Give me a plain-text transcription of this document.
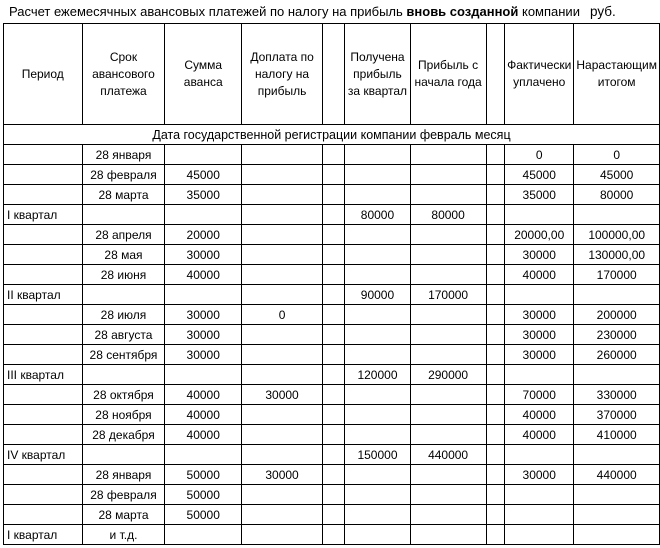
Расчет ежемесячных авансовых платежей по налогу на прибыль вновь созданной компании руб.
Период	Срок авансового платежа	Сумма аванса	Доплата по налогу на прибыль		Получена прибыль за квартал	Прибыль с начала года		Фактически уплачено	Нарастающим итогом
Дата государственной регистрации компании февраль месяц									
	28 января							0	0
	28 февраля	45000						45000	45000
	28 марта	35000						35000	80000
I квартал					80000	80000			
	28 апреля	20000						20000,00	100000,00
	28 мая	30000						30000	130000,00
	28 июня	40000						40000	170000
II квартал					90000	170000			
	28 июля	30000	0					30000	200000
	28 августа	30000						30000	230000
	28 сентября	30000						30000	260000
III квартал					120000	290000			
	28 октября	40000	30000					70000	330000
	28 ноября	40000						40000	370000
	28 декабря	40000						40000	410000
IV квартал					150000	440000			
	28 января	50000	30000					30000	440000
	28 февраля	50000							
	28 марта	50000							
I квартал	и т.д.								
